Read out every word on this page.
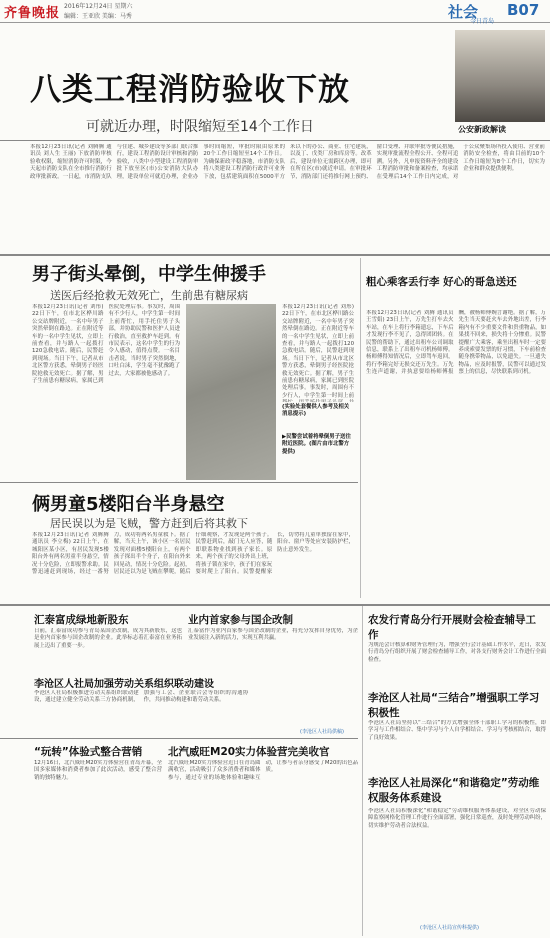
齐鲁晚报 2016年12月24日 星期六
编辑：王亚欣 美编：马秀	社会 B07
今日青岛
八类工程消防验收下放
可就近办理，时限缩短至14个工作日	公安新政解读
本报12月23日讯(记者 刘腾腾 通讯员 刘人生 王丽) 下放消防审核验收权限，缩短消防许可时限，今天起市消防支队在全市推行消防行政审批新政。一日起，市消防支队与住建、城乡建设等多部门联合推行，建设工程消防设计审核和消防验收，八类中小型建设工程消防审批下放至区(市)公安消防大队办理，建设单位可就近办理，企业办事时间缩短，审批时限由原来的20个工作日缩短至14个工作日。为确保新政平稳落地，市消防支队将八类建设工程消防行政许可业务下放，包括建筑面积在5000平方米以下的办公、商业、住宅建筑，以及丁、戊类厂房和库房等。改革后，建设单位无需跨区办理，即可在所在区(市)就近申请。在审批环节，消防部门还将推行网上预约、窗口受理、并联审批等便民措施，实现审批流程全程公开、全程可追溯。另外，凡申报资料齐全的建设工程消防审批和备案检查，均承诺在受理后14个工作日内完成，对于公众聚集场所投入使用、营业前消防安全检查，将由目前的10个工作日缩短为8个工作日，切实为企业和群众提供便利。
男子街头晕倒，中学生伸援手
送医后经抢救无效死亡，生前患有糖尿病
本报12月23日讯(记者 刘彤) 22日下午，在市北区桦川路公交站牌附近，一名中年男子突然晕倒在路边。正在附近等车的一名中学生见状，立即上前查看，并与路人一起拨打120急救电话。随后，民警赶到现场。当日下午，记者从市北区警方获悉，晕倒男子经医院抢救无效死亡。据了解，男子生前患有糖尿病，家属已到医院处理后事。事发时，周围有不少行人，中学生第一时间上前帮忙，用手托住男子头部，并协助民警和医护人员进行救治，直至救护车赶到。有市民表示，这名中学生的行为令人感动，值得点赞。一名目击者说，当时男子突然倒地，口吐白沫，学生毫不犹豫跑了过去，大家都被他感动了。
(实验处套餐供人参考及相关消息提示)
▶民警尝试着将晕倒男子送往附近医院。(图片由市北警方提供)
本报12月23日讯(记者 刘彤) 22日下午，在市北区桦川路公交站牌附近，一名中年男子突然晕倒在路边。正在附近等车的一名中学生见状，立即上前查看，并与路人一起拨打120急救电话。随后，民警赶到现场。当日下午，记者从市北区警方获悉，晕倒男子经医院抢救无效死亡。据了解，男子生前患有糖尿病，家属已到医院处理后事。事发时，周围有不少行人，中学生第一时间上前
粗心乘客丢行李 好心的哥急送还
本报12月23日讯(记者 刘腾 通讯员 王雪娟) 23日上午，万先生打车去火车站，在车上将行李箱遗忘，下车后才发现行李不见了，急得团团转。在民警的帮助下，通过出租车公司调取信息，联系上了出租车司机杨师傅。杨师傅得知情况后，立即驾车返回，将行李箱完好无损交还万先生。万先生连声道谢，并执意要给杨师傅报酬，被杨师傅婉言谢绝。据了解，万先生当天要赶火车去外地出差，行李箱内有不少重要文件和贵重物品，如果找不回来，损失将十分惨重。民警提醒广大乘客，乘坐出租车时一定要养成索要发票的好习惯，下车前检查随身携带物品，以免遗失。一旦遗失物品，应及时报警，民警可以通过发票上的信息，尽快联系到司机。
俩男童5楼阳台半身悬空
居民误以为是飞贼，警方赶到后将其救下
本报12月23日讯(记者 刘腾腾 通讯员 李立梅) 22日上午，在城阳区某小区，有居民发现5楼阳台外有两名男童半身悬空，情况十分危险，立即报警求助。民警迅速赶到现场，经过一番努力，成功将两名男童救下。据了解，当天上午，该小区一名居民发现对面楼5楼阳台上，有两个孩子探出半个身子，在阳台外来回晃动，情况十分危险。起初，居民还以为是飞贼在攀爬，随后仔细观察，才发现是两个孩子。民警赶到后，敲门无人应答，随即联系物业找到孩子家长。原来，两个孩子的父母外出上班，将孩子锁在家中，孩子们在家玩耍时爬上了阳台。民警提醒家长，切勿将儿童单独留在家中，阳台、窗户等处应安装防护栏，防止意外发生。
汇泰富成绿地新股东	业内首家参与国企改制
日前，汇泰富成功参与青岛某国企改制，成为其新股东，这也是业内首家参与国企改制的企业。此举标志着汇泰富在业务拓展上迈出了重要一步。
汇泰富作为业内首家参与国企改制的企业，将充分发挥自身优势，为企业发展注入新的活力，实现互利共赢。
李沧区人社局加强劳动关系组织联动建设
李沧区人社局积极推进劳动关系组织联动建设，通过建立健全劳动关系三方协商机制，加强与工会、企业联合会等组织的沟通协作，共同推动构建和谐劳动关系。
(李沧区人社局供稿)
“玩转”体验式整合营销 北汽威旺M20实力体验营完美收官
12月16日，北汽威旺M20实力体验营在青岛开幕，全国多家媒体和消费者参加了此次活动，感受了整合营销的独特魅力。
北汽威旺M20实力体验营近日在青岛圆满收官，活动吸引了众多消费者和媒体参与，通过专业的场地体验和趣味互动，让参与者亲身感受了M20的出色品质。
农发行青岛分行开展财会检查辅导工作
为规范会计核算和财务管理行为，增强全行会计基础工作水平，近日，农发行青岛分行组织开展了财会检查辅导工作，对各支行财务会计工作进行全面检查。
李沧区人社局“三结合”增强职工学习积极性
李沧区人社局坚持以“三结合”的方式增强全体干部职工学习的积极性，即学习与工作相结合、集中学习与个人自学相结合、学习与考核相结合，取得了良好效果。
李沧区人社局深化“和谐稳定”劳动维权服务体系建设
李沧区人社局积极深化“和谐稳定”劳动维权服务体系建设，对全区劳动保障监察网格化管理工作进行全面部署，强化日常巡查，及时处理劳动纠纷，切实维护劳动者合法权益。
(李沧区人社局宣传科提供)
